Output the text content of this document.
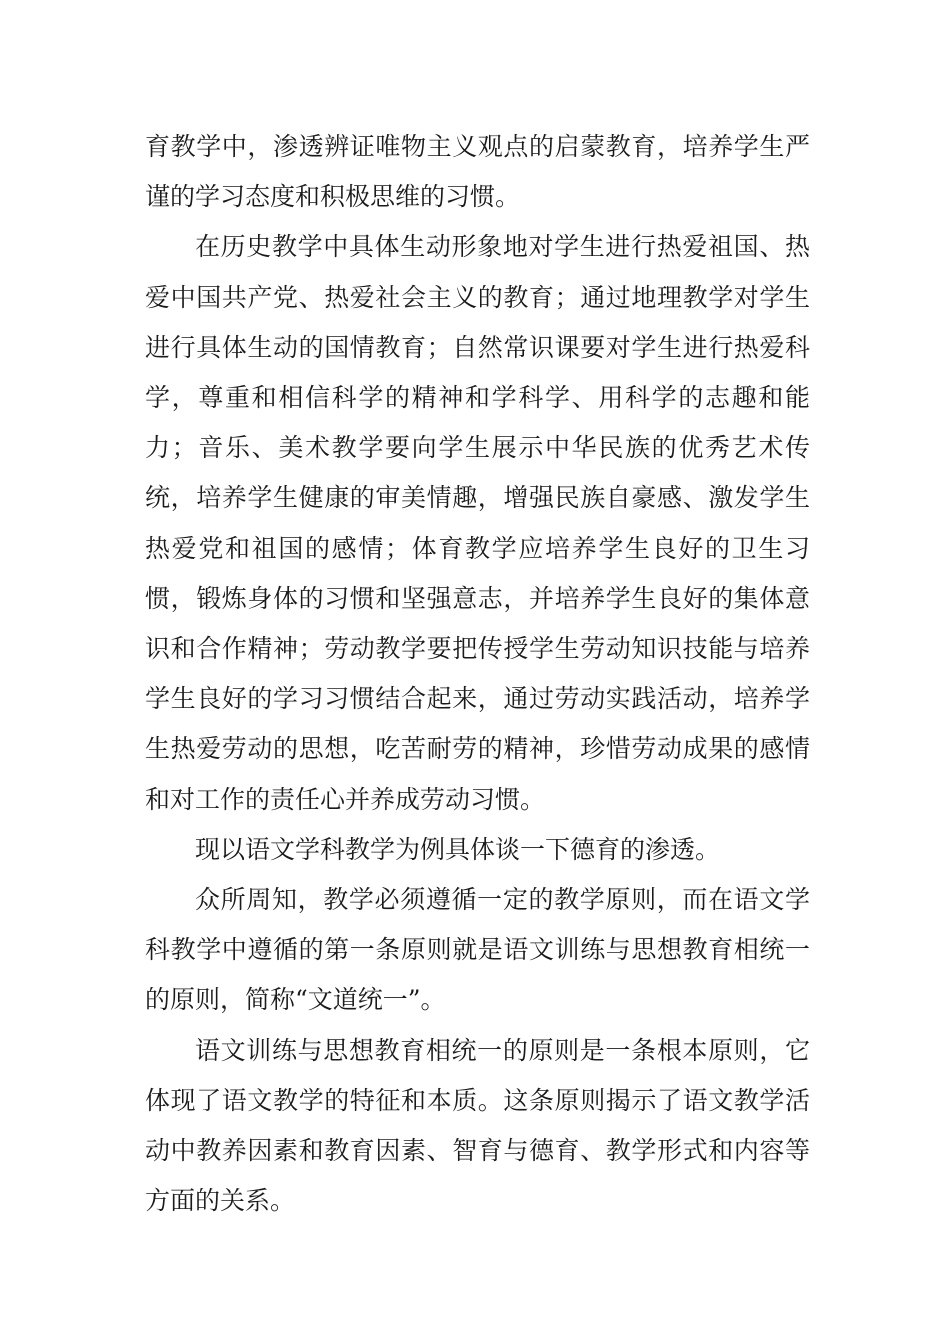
育教学中，渗透辨证唯物主义观点的启蒙教育，培养学生严谨的学习态度和积极思维的习惯。

在历史教学中具体生动形象地对学生进行热爱祖国、热爱中国共产党、热爱社会主义的教育；通过地理教学对学生进行具体生动的国情教育；自然常识课要对学生进行热爱科学，尊重和相信科学的精神和学科学、用科学的志趣和能力；音乐、美术教学要向学生展示中华民族的优秀艺术传统，培养学生健康的审美情趣，增强民族自豪感、激发学生热爱党和祖国的感情；体育教学应培养学生良好的卫生习惯，锻炼身体的习惯和坚强意志，并培养学生良好的集体意识和合作精神；劳动教学要把传授学生劳动知识技能与培养学生良好的学习习惯结合起来，通过劳动实践活动，培养学生热爱劳动的思想，吃苦耐劳的精神，珍惜劳动成果的感情和对工作的责任心并养成劳动习惯。

现以语文学科教学为例具体谈一下德育的渗透。

众所周知，教学必须遵循一定的教学原则，而在语文学科教学中遵循的第一条原则就是语文训练与思想教育相统一的原则，简称“文道统一”。

语文训练与思想教育相统一的原则是一条根本原则，它体现了语文教学的特征和本质。这条原则揭示了语文教学活动中教养因素和教育因素、智育与德育、教学形式和内容等方面的关系。
